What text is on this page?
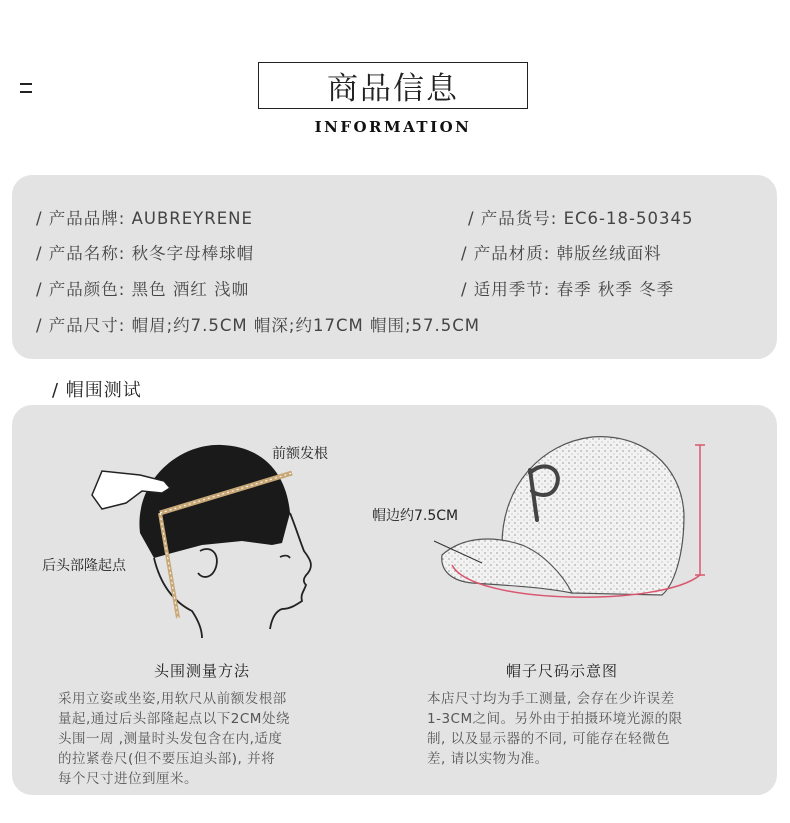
商品信息
INFORMATION
/ 产品品牌: AUBREYRENE	/ 产品货号: EC6-18-50345
/ 产品名称: 秋冬字母棒球帽	/ 产品材质: 韩版丝绒面料
/ 产品颜色: 黑色 酒红 浅咖	/ 适用季节: 春季 秋季 冬季
/ 产品尺寸: 帽眉;约7.5CM 帽深;约17CM 帽围;57.5CM
/ 帽围测试
前额发根
后头部隆起点
帽边约7.5CM
头围测量方法	帽子尺码示意图
采用立姿或坐姿,用软尺从前额发根部
量起,通过后头部隆起点以下2CM处绕
头围一周 ,测量时头发包含在内,适度
的拉紧卷尺(但不要压迫头部), 并将
每个尺寸进位到厘米。
本店尺寸均为手工测量, 会存在少许误差
1-3CM之间。另外由于拍摄环境光源的限
制, 以及显示器的不同, 可能存在轻微色
差, 请以实物为准。
